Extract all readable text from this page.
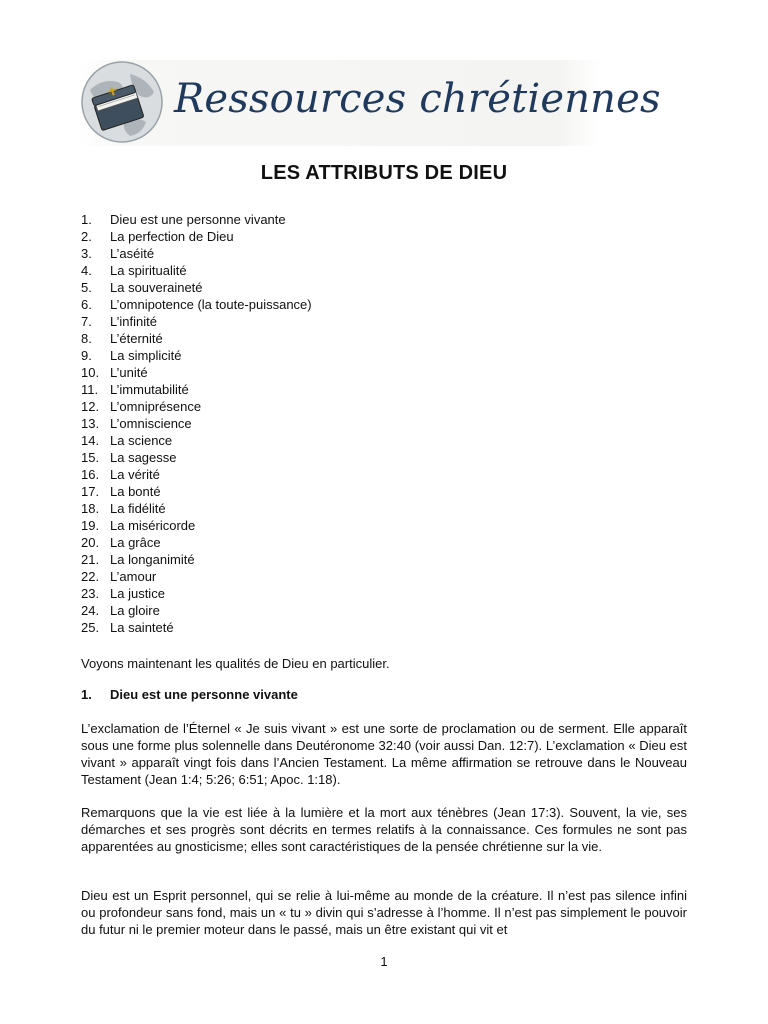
Ressources chrétiennes
LES ATTRIBUTS DE DIEU
1. Dieu est une personne vivante
2. La perfection de Dieu
3. L’aséité
4. La spiritualité
5. La souveraineté
6. L’omnipotence (la toute-puissance)
7. L’infinité
8. L’éternité
9. La simplicité
10. L’unité
11. L’immutabilité
12. L’omniprésence
13. L’omniscience
14. La science
15. La sagesse
16. La vérité
17. La bonté
18. La fidélité
19. La miséricorde
20. La grâce
21. La longanimité
22. L’amour
23. La justice
24. La gloire
25. La sainteté

Voyons maintenant les qualités de Dieu en particulier.

1. Dieu est une personne vivante

L’exclamation de l’Éternel « Je suis vivant » est une sorte de proclamation ou de serment. Elle apparaît sous une forme plus solennelle dans Deutéronome 32:40 (voir aussi Dan. 12:7). L’exclamation « Dieu est vivant » apparaît vingt fois dans l’Ancien Testament. La même affirmation se retrouve dans le Nouveau Testament (Jean 1:4; 5:26; 6:51; Apoc. 1:18).

Remarquons que la vie est liée à la lumière et la mort aux ténèbres (Jean 17:3). Souvent, la vie, ses démarches et ses progrès sont décrits en termes relatifs à la connaissance. Ces formules ne sont pas apparentées au gnosticisme; elles sont caractéristiques de la pensée chrétienne sur la vie.

Dieu est un Esprit personnel, qui se relie à lui-même au monde de la créature. Il n’est pas silence infini ou profondeur sans fond, mais un « tu » divin qui s’adresse à l’homme. Il n’est pas simplement le pouvoir du futur ni le premier moteur dans le passé, mais un être existant qui vit et

1
